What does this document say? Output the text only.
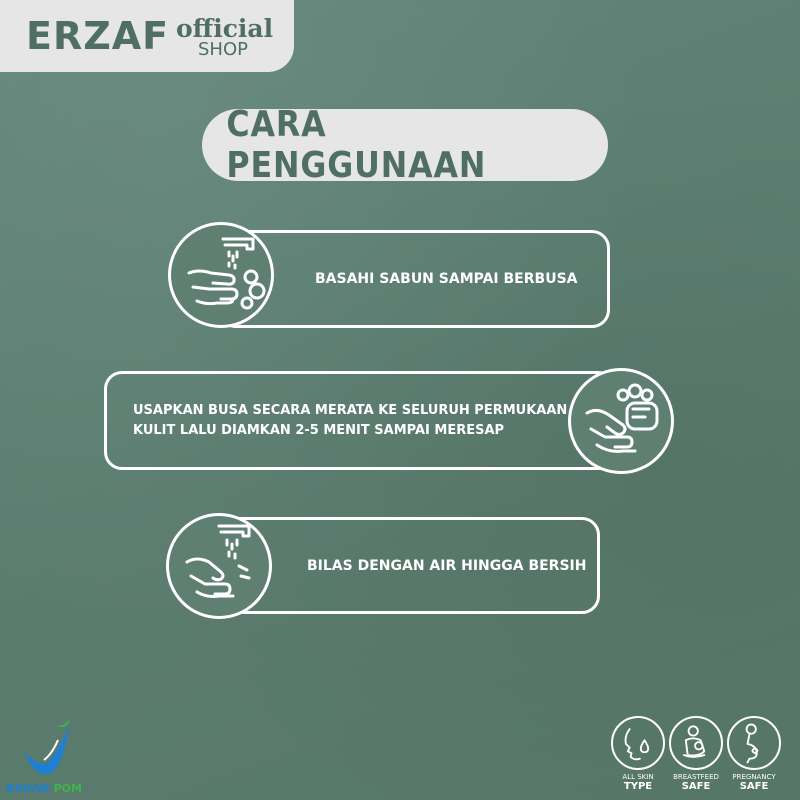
ERZAF official
SHOP
CARA PENGGUNAAN
BASAHI SABUN SAMPAI BERBUSA
USAPKAN BUSA SECARA MERATA KE SELURUH PERMUKAAN KULIT LALU DIAMKAN 2-5 MENIT SAMPAI MERESAP
BILAS DENGAN AIR HINGGA BERSIH
BADAN POM
ALL SKIN
TYPE
BREASTFEED
SAFE
PREGNANCY
SAFE
